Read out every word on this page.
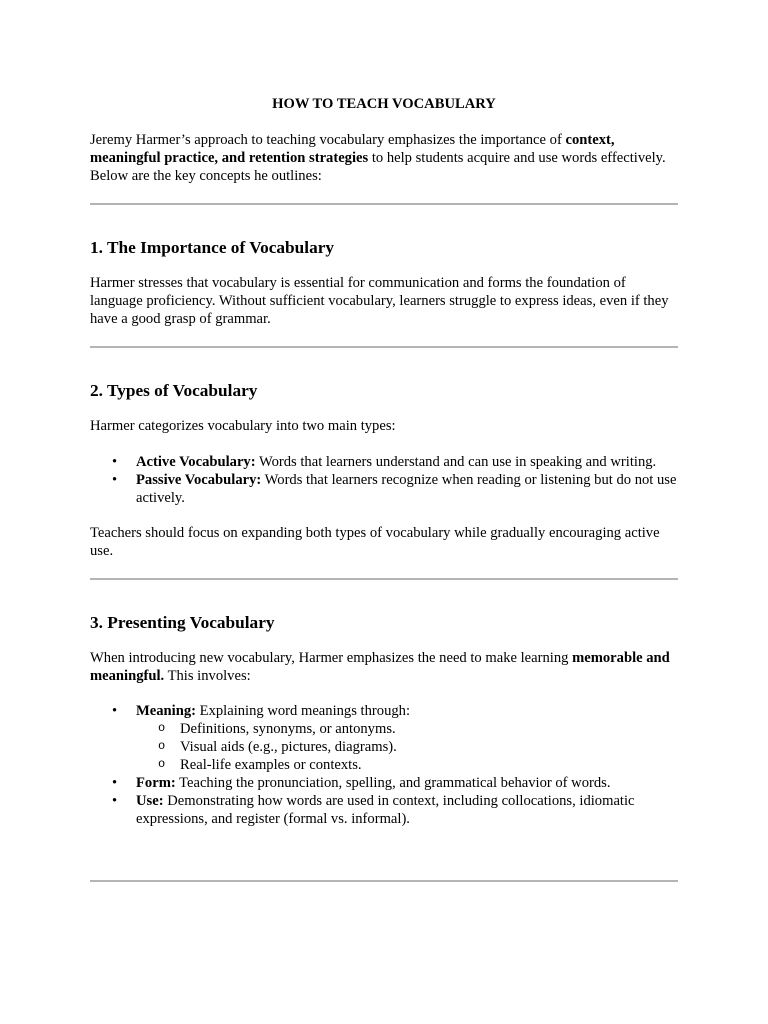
HOW TO TEACH VOCABULARY

Jeremy Harmer’s approach to teaching vocabulary emphasizes the importance of context, meaningful practice, and retention strategies to help students acquire and use words effectively. Below are the key concepts he outlines:

1. The Importance of Vocabulary

Harmer stresses that vocabulary is essential for communication and forms the foundation of language proficiency. Without sufficient vocabulary, learners struggle to express ideas, even if they have a good grasp of grammar.

2. Types of Vocabulary

Harmer categorizes vocabulary into two main types:

• Active Vocabulary: Words that learners understand and can use in speaking and writing.
• Passive Vocabulary: Words that learners recognize when reading or listening but do not use actively.

Teachers should focus on expanding both types of vocabulary while gradually encouraging active use.

3. Presenting Vocabulary

When introducing new vocabulary, Harmer emphasizes the need to make learning memorable and meaningful. This involves:

• Meaning: Explaining word meanings through:
o Definitions, synonyms, or antonyms.
o Visual aids (e.g., pictures, diagrams).
o Real-life examples or contexts.
• Form: Teaching the pronunciation, spelling, and grammatical behavior of words.
• Use: Demonstrating how words are used in context, including collocations, idiomatic expressions, and register (formal vs. informal).
